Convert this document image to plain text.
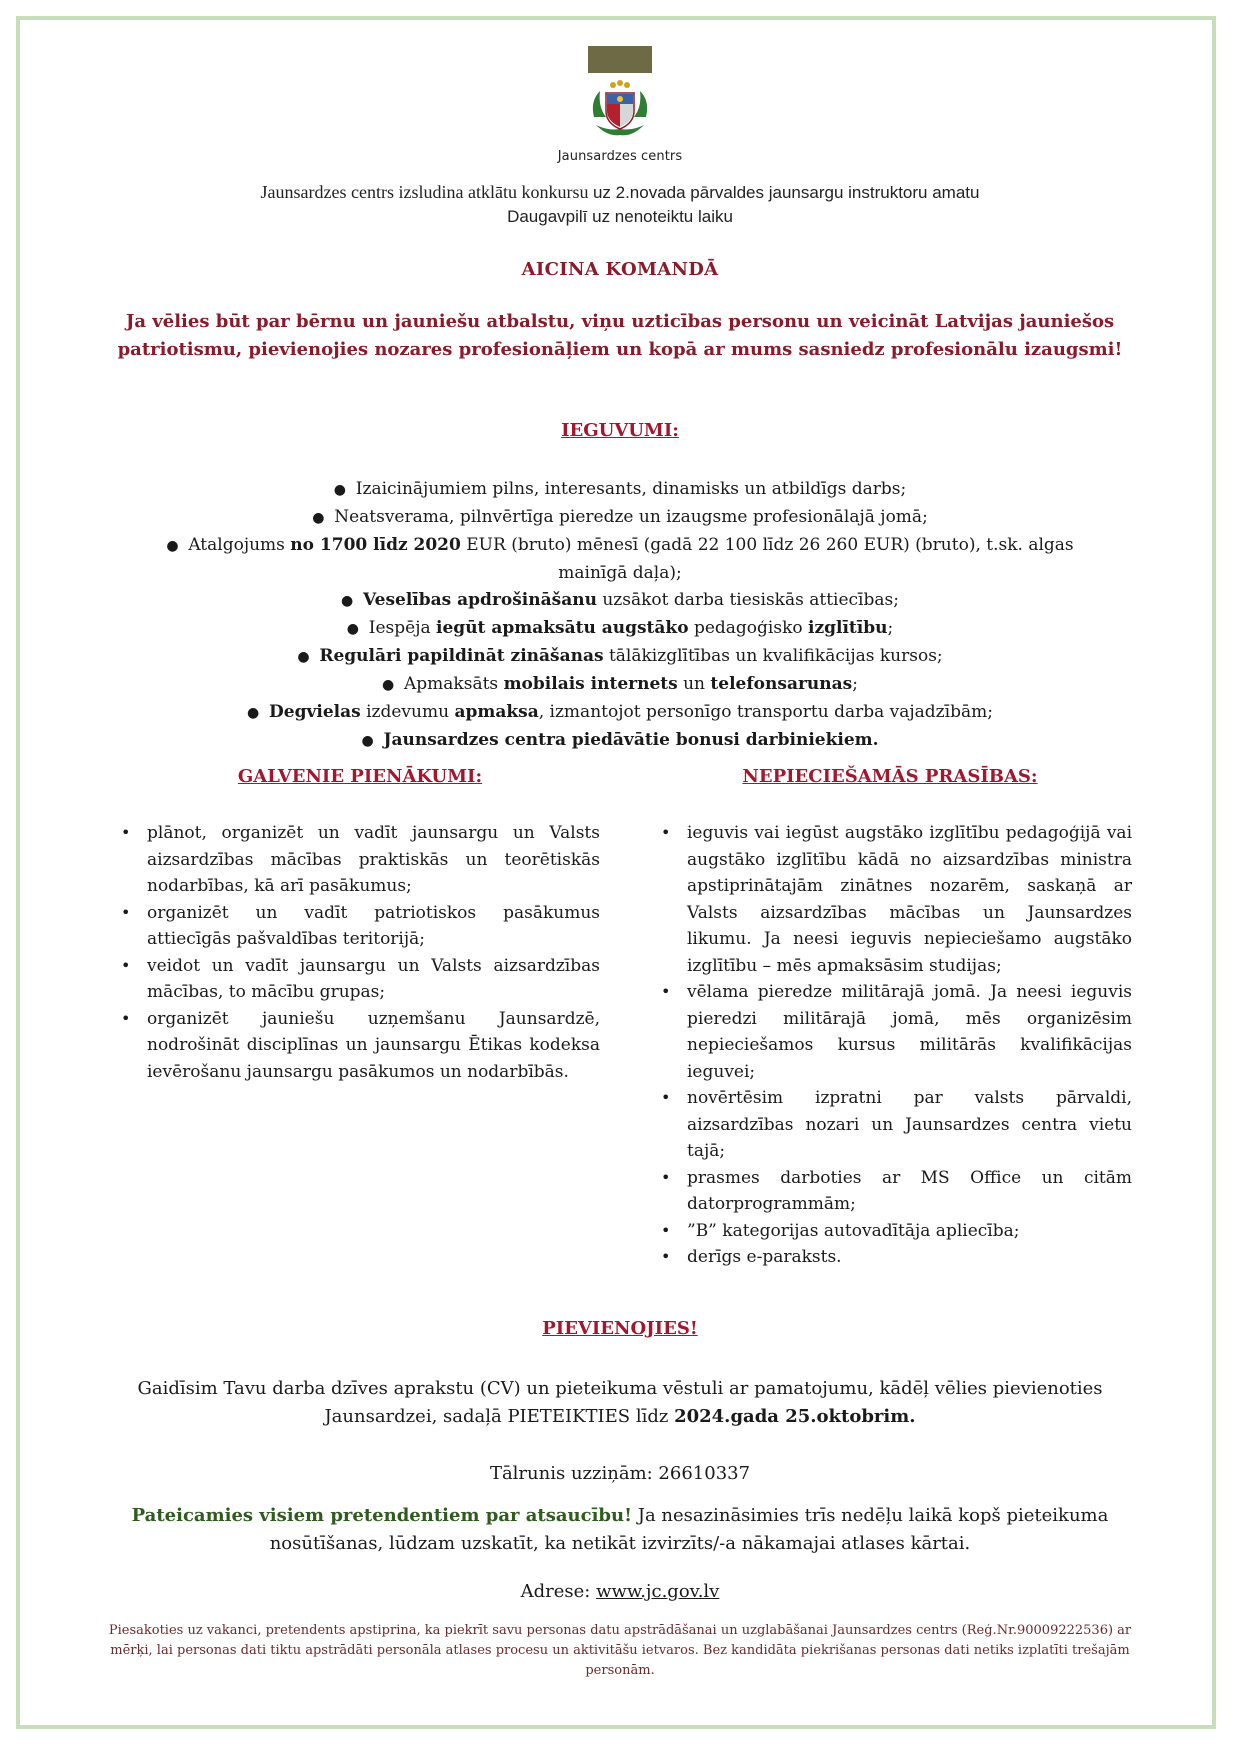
Jaunsardzes centrs
Jaunsardzes centrs izsludina atklātu konkursu uz 2.novada pārvaldes jaunsargu instruktoru amatu
Daugavpilī uz nenoteiktu laiku
AICINA KOMANDĀ
Ja vēlies būt par bērnu un jauniešu atbalstu, viņu uzticības personu un veicināt Latvijas jauniešos
patriotismu, pievienojies nozares profesionāļiem un kopā ar mums sasniedz profesionālu izaugsmi!
IEGUVUMI:
● Izaicinājumiem pilns, interesants, dinamisks un atbildīgs darbs;
● Neatsverama, pilnvērtīga pieredze un izaugsme profesionālajā jomā;
● Atalgojums no 1700 līdz 2020 EUR (bruto) mēnesī (gadā 22 100 līdz 26 260 EUR) (bruto), t.sk. algas
mainīgā daļa);
● Veselības apdrošināšanu uzsākot darba tiesiskās attiecības;
● Iespēja iegūt apmaksātu augstāko pedagoģisko izglītību;
● Regulāri papildināt zināšanas tālākizglītības un kvalifikācijas kursos;
● Apmaksāts mobilais internets un telefonsarunas;
● Degvielas izdevumu apmaksa, izmantojot personīgo transportu darba vajadzībām;
● Jaunsardzes centra piedāvātie bonusi darbiniekiem.
GALVENIE PIENĀKUMI:	NEPIECIEŠAMĀS PRASĪBAS:
• plānot, organizēt un vadīt jaunsargu un Valsts aizsardzības mācības praktiskās un teorētiskās nodarbības, kā arī pasākumus;
• organizēt un vadīt patriotiskos pasākumus attiecīgās pašvaldības teritorijā;
• veidot un vadīt jaunsargu un Valsts aizsardzības mācības, to mācību grupas;
• organizēt jauniešu uzņemšanu Jaunsardzē, nodrošināt disciplīnas un jaunsargu Ētikas kodeksa ievērošanu jaunsargu pasākumos un nodarbībās.
• ieguvis vai iegūst augstāko izglītību pedagoģijā vai augstāko izglītību kādā no aizsardzības ministra apstiprinātajām zinātnes nozarēm, saskaņā ar Valsts aizsardzības mācības un Jaunsardzes likumu. Ja neesi ieguvis nepieciešamo augstāko izglītību – mēs apmaksāsim studijas;
• vēlama pieredze militārajā jomā. Ja neesi ieguvis pieredzi militārajā jomā, mēs organizēsim nepieciešamos kursus militārās kvalifikācijas ieguvei;
• novērtēsim izpratni par valsts pārvaldi, aizsardzības nozari un Jaunsardzes centra vietu tajā;
• prasmes darboties ar MS Office un citām datorprogrammām;
• ”B” kategorijas autovadītāja apliecība;
• derīgs e-paraksts.
PIEVIENOJIES!
Gaidīsim Tavu darba dzīves aprakstu (CV) un pieteikuma vēstuli ar pamatojumu, kādēļ vēlies pievienoties
Jaunsardzei, sadaļā PIETEIKTIES līdz 2024.gada 25.oktobrim.
Tālrunis uzziņām: 26610337
Pateicamies visiem pretendentiem par atsaucību! Ja nesazināsimies trīs nedēļu laikā kopš pieteikuma
nosūtīšanas, lūdzam uzskatīt, ka netikāt izvirzīts/-a nākamajai atlases kārtai.
Adrese: www.jc.gov.lv
Piesakoties uz vakanci, pretendents apstiprina, ka piekrīt savu personas datu apstrādāšanai un uzglabāšanai Jaunsardzes centrs (Reģ.Nr.90009222536) ar
mērķi, lai personas dati tiktu apstrādāti personāla atlases procesu un aktivitāšu ietvaros. Bez kandidāta piekrišanas personas dati netiks izplatīti trešajām
personām.
